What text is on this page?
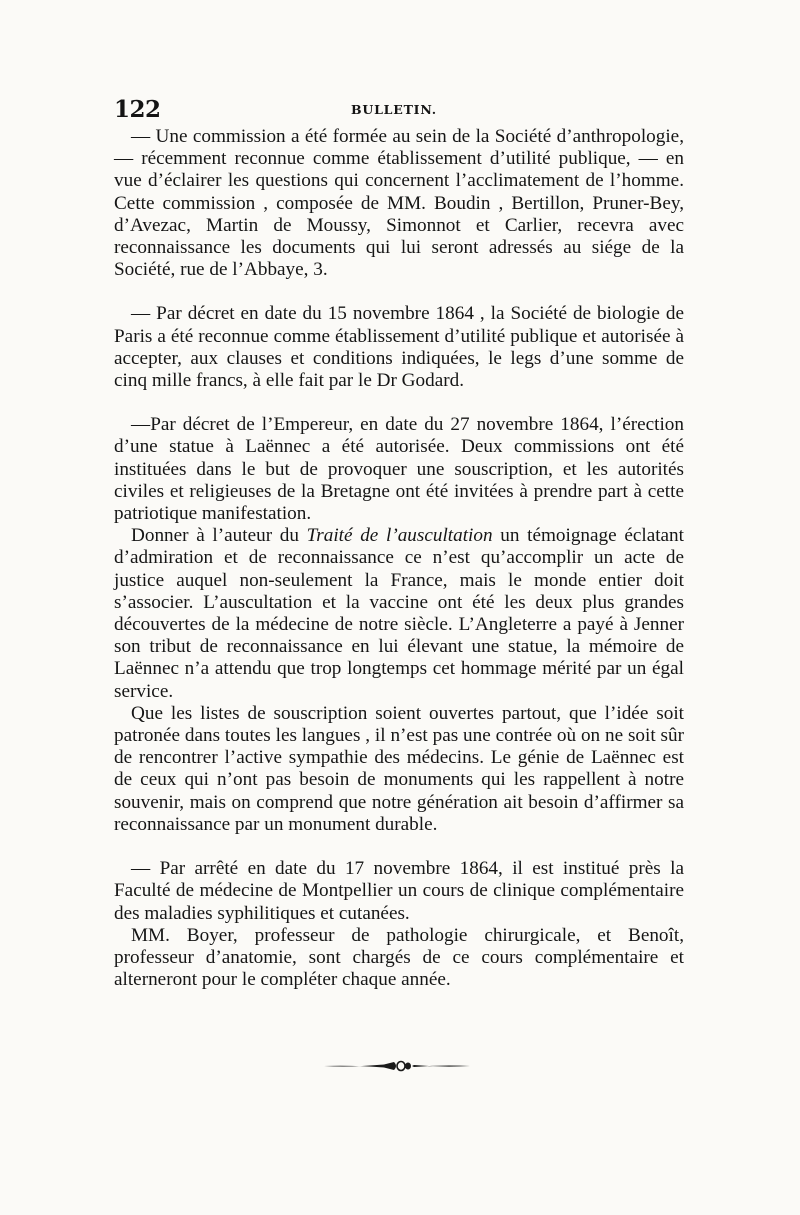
122	BULLETIN.

— Une commission a été formée au sein de la Société d’anthropologie, — récemment reconnue comme établissement d’utilité publique, — en vue d’éclairer les questions qui concernent l’acclimatement de l’homme. Cette commission , composée de MM. Boudin , Bertillon, Pruner-Bey, d’Avezac, Martin de Moussy, Simonnot et Carlier, recevra avec reconnaissance les documents qui lui seront adressés au siége de la Société, rue de l’Abbaye, 3.

— Par décret en date du 15 novembre 1864 , la Société de biologie de Paris a été reconnue comme établissement d’utilité publique et autorisée à accepter, aux clauses et conditions indiquées, le legs d’une somme de cinq mille francs, à elle fait par le Dr Godard.

—Par décret de l’Empereur, en date du 27 novembre 1864, l’érection d’une statue à Laënnec a été autorisée. Deux commissions ont été instituées dans le but de provoquer une souscription, et les autorités civiles et religieuses de la Bretagne ont été invitées à prendre part à cette patriotique manifestation.

Donner à l’auteur du Traité de l’auscultation un témoignage éclatant d’admiration et de reconnaissance ce n’est qu’accomplir un acte de justice auquel non-seulement la France, mais le monde entier doit s’associer. L’auscultation et la vaccine ont été les deux plus grandes découvertes de la médecine de notre siècle. L’Angleterre a payé à Jenner son tribut de reconnaissance en lui élevant une statue, la mémoire de Laënnec n’a attendu que trop longtemps cet hommage mérité par un égal service.

Que les listes de souscription soient ouvertes partout, que l’idée soit patronée dans toutes les langues , il n’est pas une contrée où on ne soit sûr de rencontrer l’active sympathie des médecins. Le génie de Laënnec est de ceux qui n’ont pas besoin de monuments qui les rappellent à notre souvenir, mais on comprend que notre génération ait besoin d’affirmer sa reconnaissance par un monument durable.

— Par arrêté en date du 17 novembre 1864, il est institué près la Faculté de médecine de Montpellier un cours de clinique complémentaire des maladies syphilitiques et cutanées.

MM. Boyer, professeur de pathologie chirurgicale, et Benoît, professeur d’anatomie, sont chargés de ce cours complémentaire et alterneront pour le compléter chaque année.
